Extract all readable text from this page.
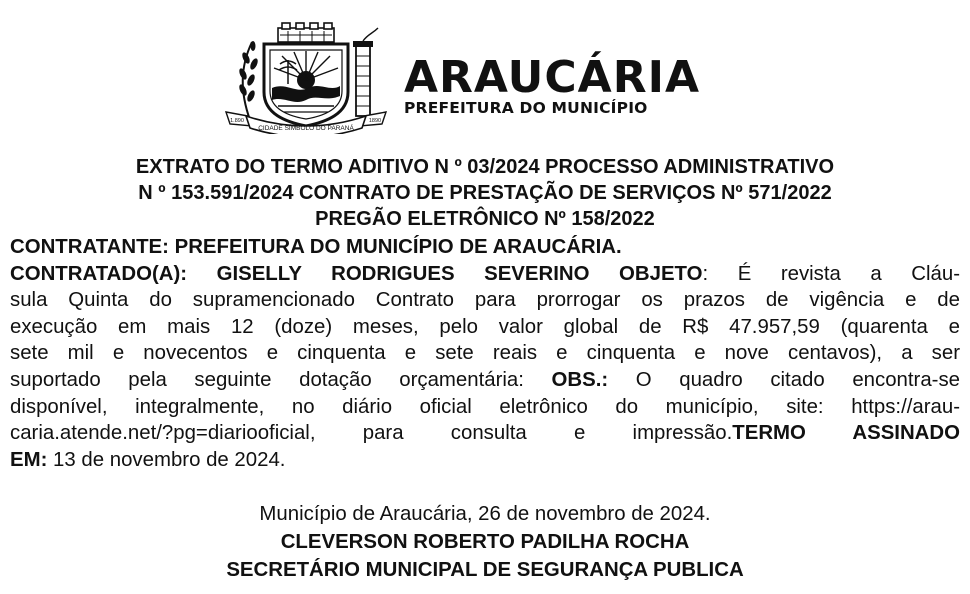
CIDADE SÍMBOLO DO PARANÁ
1.890	1890
ARAUCÁRIA
PREFEITURA DO MUNICÍPIO
EXTRATO DO TERMO ADITIVO N º 03/2024 PROCESSO ADMINISTRATIVO
N º 153.591/2024 CONTRATO DE PRESTAÇÃO DE SERVIÇOS Nº 571/2022
PREGÃO ELETRÔNICO Nº 158/2022
CONTRATANTE: PREFEITURA DO MUNICÍPIO DE ARAUCÁRIA.
CONTRATADO(A): GISELLY RODRIGUES SEVERINO OBJETO: É revista a Cláu-
sula Quinta do supramencionado Contrato para prorrogar os prazos de vigência e de
execução em mais 12 (doze) meses, pelo valor global de R$ 47.957,59 (quarenta e
sete mil e novecentos e cinquenta e sete reais e cinquenta e nove centavos), a ser
suportado pela seguinte dotação orçamentária: OBS.: O quadro citado encontra-se
disponível, integralmente, no diário oficial eletrônico do município, site: https://arau-
caria.atende.net/?pg=diariooficial, para consulta e impressão.TERMO ASSINADO
EM: 13 de novembro de 2024.
Município de Araucária, 26 de novembro de 2024.
CLEVERSON ROBERTO PADILHA ROCHA
SECRETÁRIO MUNICIPAL DE SEGURANÇA PUBLICA
